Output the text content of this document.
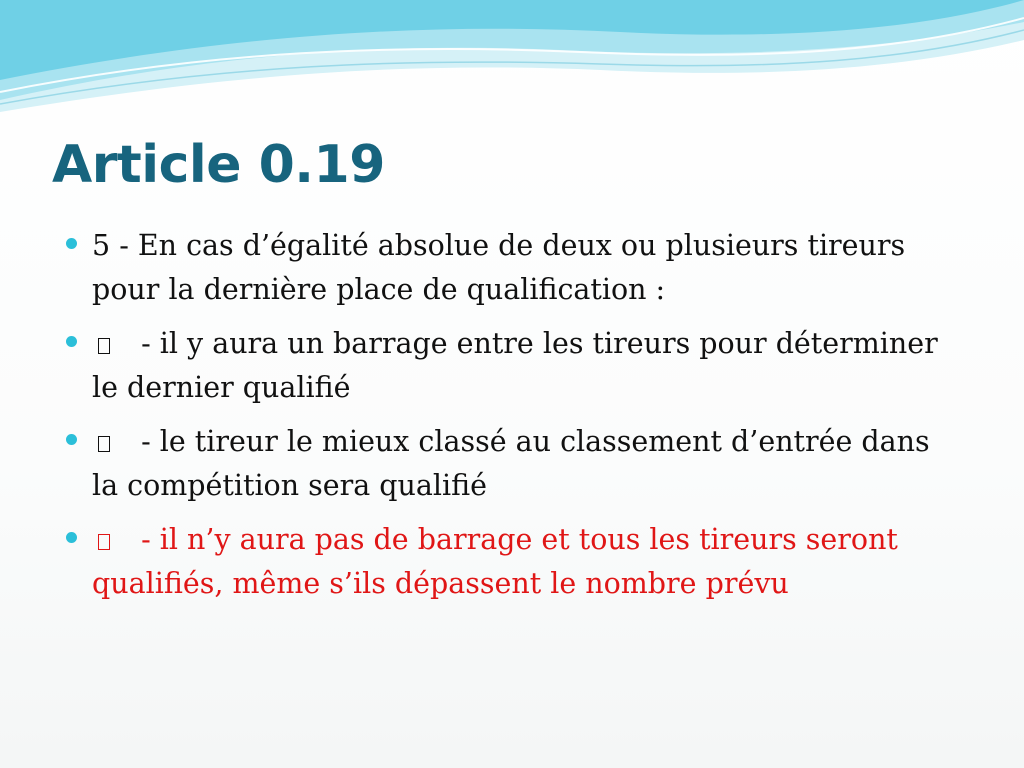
Article 0.19
5 - En cas d’égalité absolue de deux ou plusieurs tireurs pour la dernière place de qualification :
- il y aura un barrage entre les tireurs pour déterminer le dernier qualifié
- le tireur le mieux classé au classement d’entrée dans la compétition sera qualifié
- il n’y aura pas de barrage et tous les tireurs seront qualifiés, même s’ils dépassent le nombre prévu
